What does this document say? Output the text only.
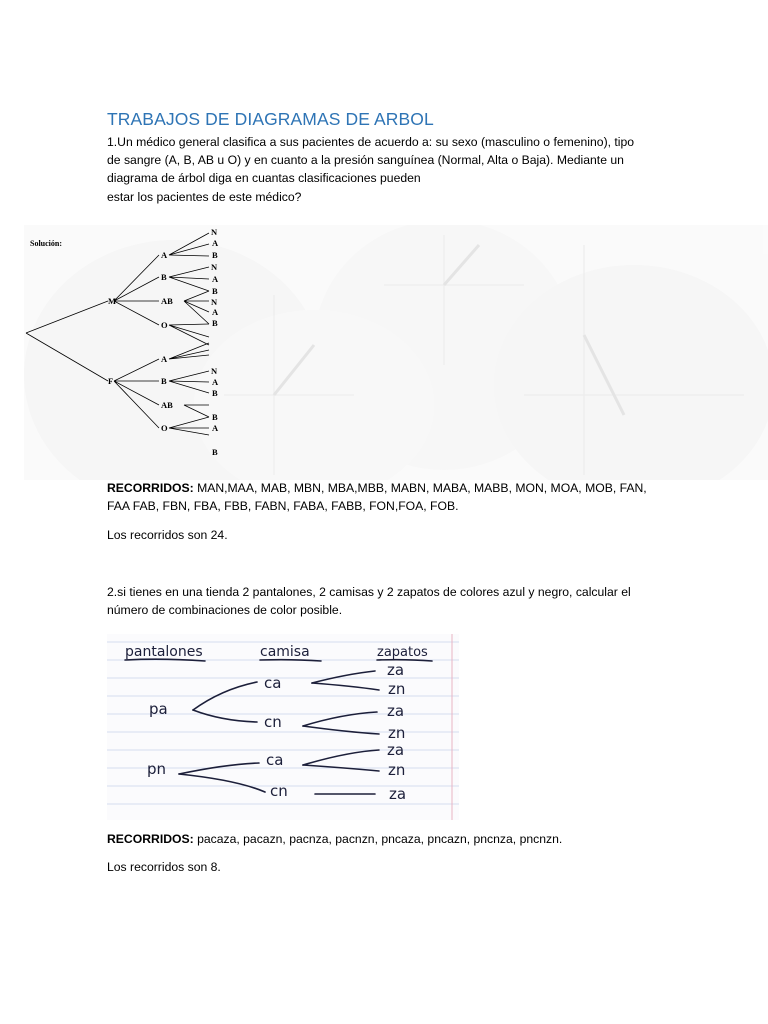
TRABAJOS DE DIAGRAMAS DE ARBOL
1.Un médico general clasifica a sus pacientes de acuerdo a: su sexo (masculino o femenino), tipo
de sangre (A, B, AB u O) y en cuanto a la presión sanguínea (Normal, Alta o Baja). Mediante un
diagrama de árbol diga en cuantas clasificaciones pueden
estar los pacientes de este médico?
Solución:
M
F
A
B
AB
O
A
B
AB
O
N
A
B
N
A
B
N
A
B
N
A
B
B
A
B
RECORRIDOS: MAN,MAA, MAB, MBN, MBA,MBB, MABN, MABA, MABB, MON, MOA, MOB, FAN,
FAA FAB, FBN, FBA, FBB, FABN, FABA, FABB, FON,FOA, FOB.
Los recorridos son 24.
2.si tienes en una tienda 2 pantalones, 2 camisas y 2 zapatos de colores azul y negro, calcular el
número de combinaciones de color posible.
pantalones	camisa	zapatos
pa
pn
ca
cn
ca
cn
za
zn
za
zn
za
zn
za
RECORRIDOS: pacaza, pacazn, pacnza, pacnzn, pncaza, pncazn, pncnza, pncnzn.
Los recorridos son 8.
